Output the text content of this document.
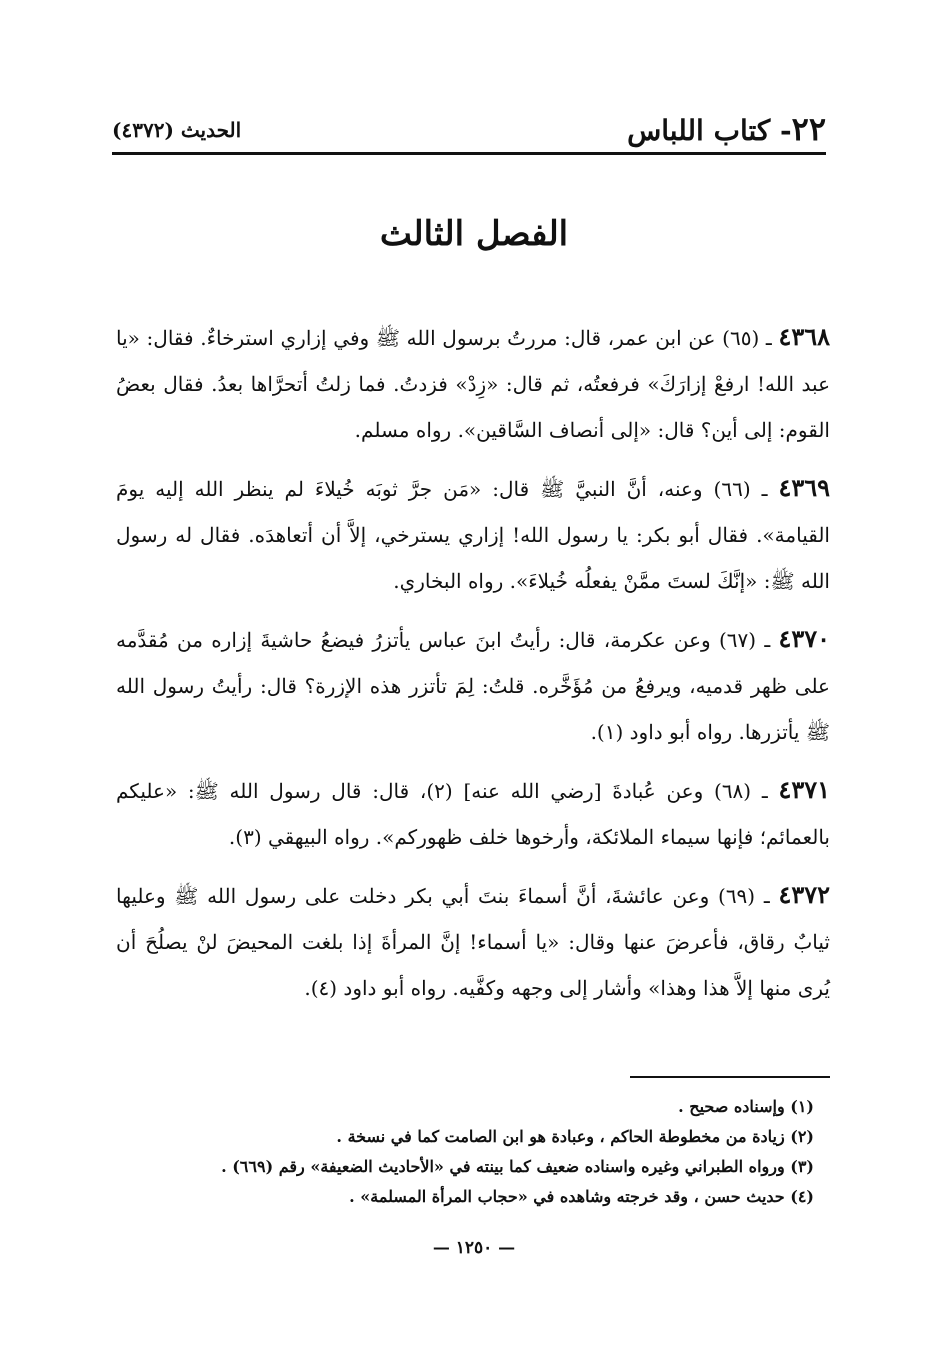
٢٢- كتاب اللباس
الحديث (٤٣٧٢)
الفصل الثالث

٤٣٦٨ ـ (٦٥) عن ابن عمر، قال: مررتُ برسول الله ﷺ وفي إزاري استرخاءٌ. فقال: «يا عبد الله! ارفعْ إزارَكَ» فرفعتُه، ثم قال: «زِدْ» فزدتُ. فما زلتُ أتحرَّاها بعدُ. فقال بعضُ القوم: إلى أين؟ قال: «إلى أنصاف السَّاقين». رواه مسلم.

٤٣٦٩ ـ (٦٦) وعنه، أنَّ النبيَّ ﷺ قال: «مَن جرَّ ثوبَه خُيلاءَ لم ينظر الله إليه يومَ القيامة». فقال أبو بكر: يا رسول الله! إزاري يسترخي، إلاَّ أن أتعاهدَه. فقال له رسول الله ﷺ: «إنَّكَ لستَ ممَّنْ يفعلُه خُيلاءَ». رواه البخاري.

٤٣٧٠ ـ (٦٧) وعن عكرمة، قال: رأيتُ ابنَ عباس يأتزرُ فيضعُ حاشيةَ إزاره من مُقدَّمه على ظهر قدميه، ويرفعُ من مُؤَخَّره. قلتُ: لِمَ تأتزر هذه الإزرة؟ قال: رأيتُ رسول الله ﷺ يأتزرها. رواه أبو داود (١).

٤٣٧١ ـ (٦٨) وعن عُبادةَ [رضي الله عنه] (٢)، قال: قال رسول الله ﷺ: «عليكم بالعمائم؛ فإنها سيماء الملائكة، وأرخوها خلف ظهوركم». رواه البيهقي (٣).

٤٣٧٢ ـ (٦٩) وعن عائشةَ، أنَّ أسماءَ بنتَ أبي بكر دخلت على رسول الله ﷺ وعليها ثيابٌ رقاق، فأعرضَ عنها وقال: «يا أسماء! إنَّ المرأةَ إذا بلغت المحيضَ لنْ يصلُحَ أن يُرى منها إلاَّ هذا وهذا» وأشار إلى وجهه وكفَّيه. رواه أبو داود (٤).

(١) وإسناده صحيح .
(٢) زيادة من مخطوطة الحاكم ، وعبادة هو ابن الصامت كما في نسخة .
(٣) ورواه الطبراني وغيره واسناده ضعيف كما بينته في «الأحاديث الضعيفة» رقم (٦٦٩) .
(٤) حديث حسن ، وقد خرجته وشاهده في «حجاب المرأة المسلمة» .
— ١٢٥٠ —
